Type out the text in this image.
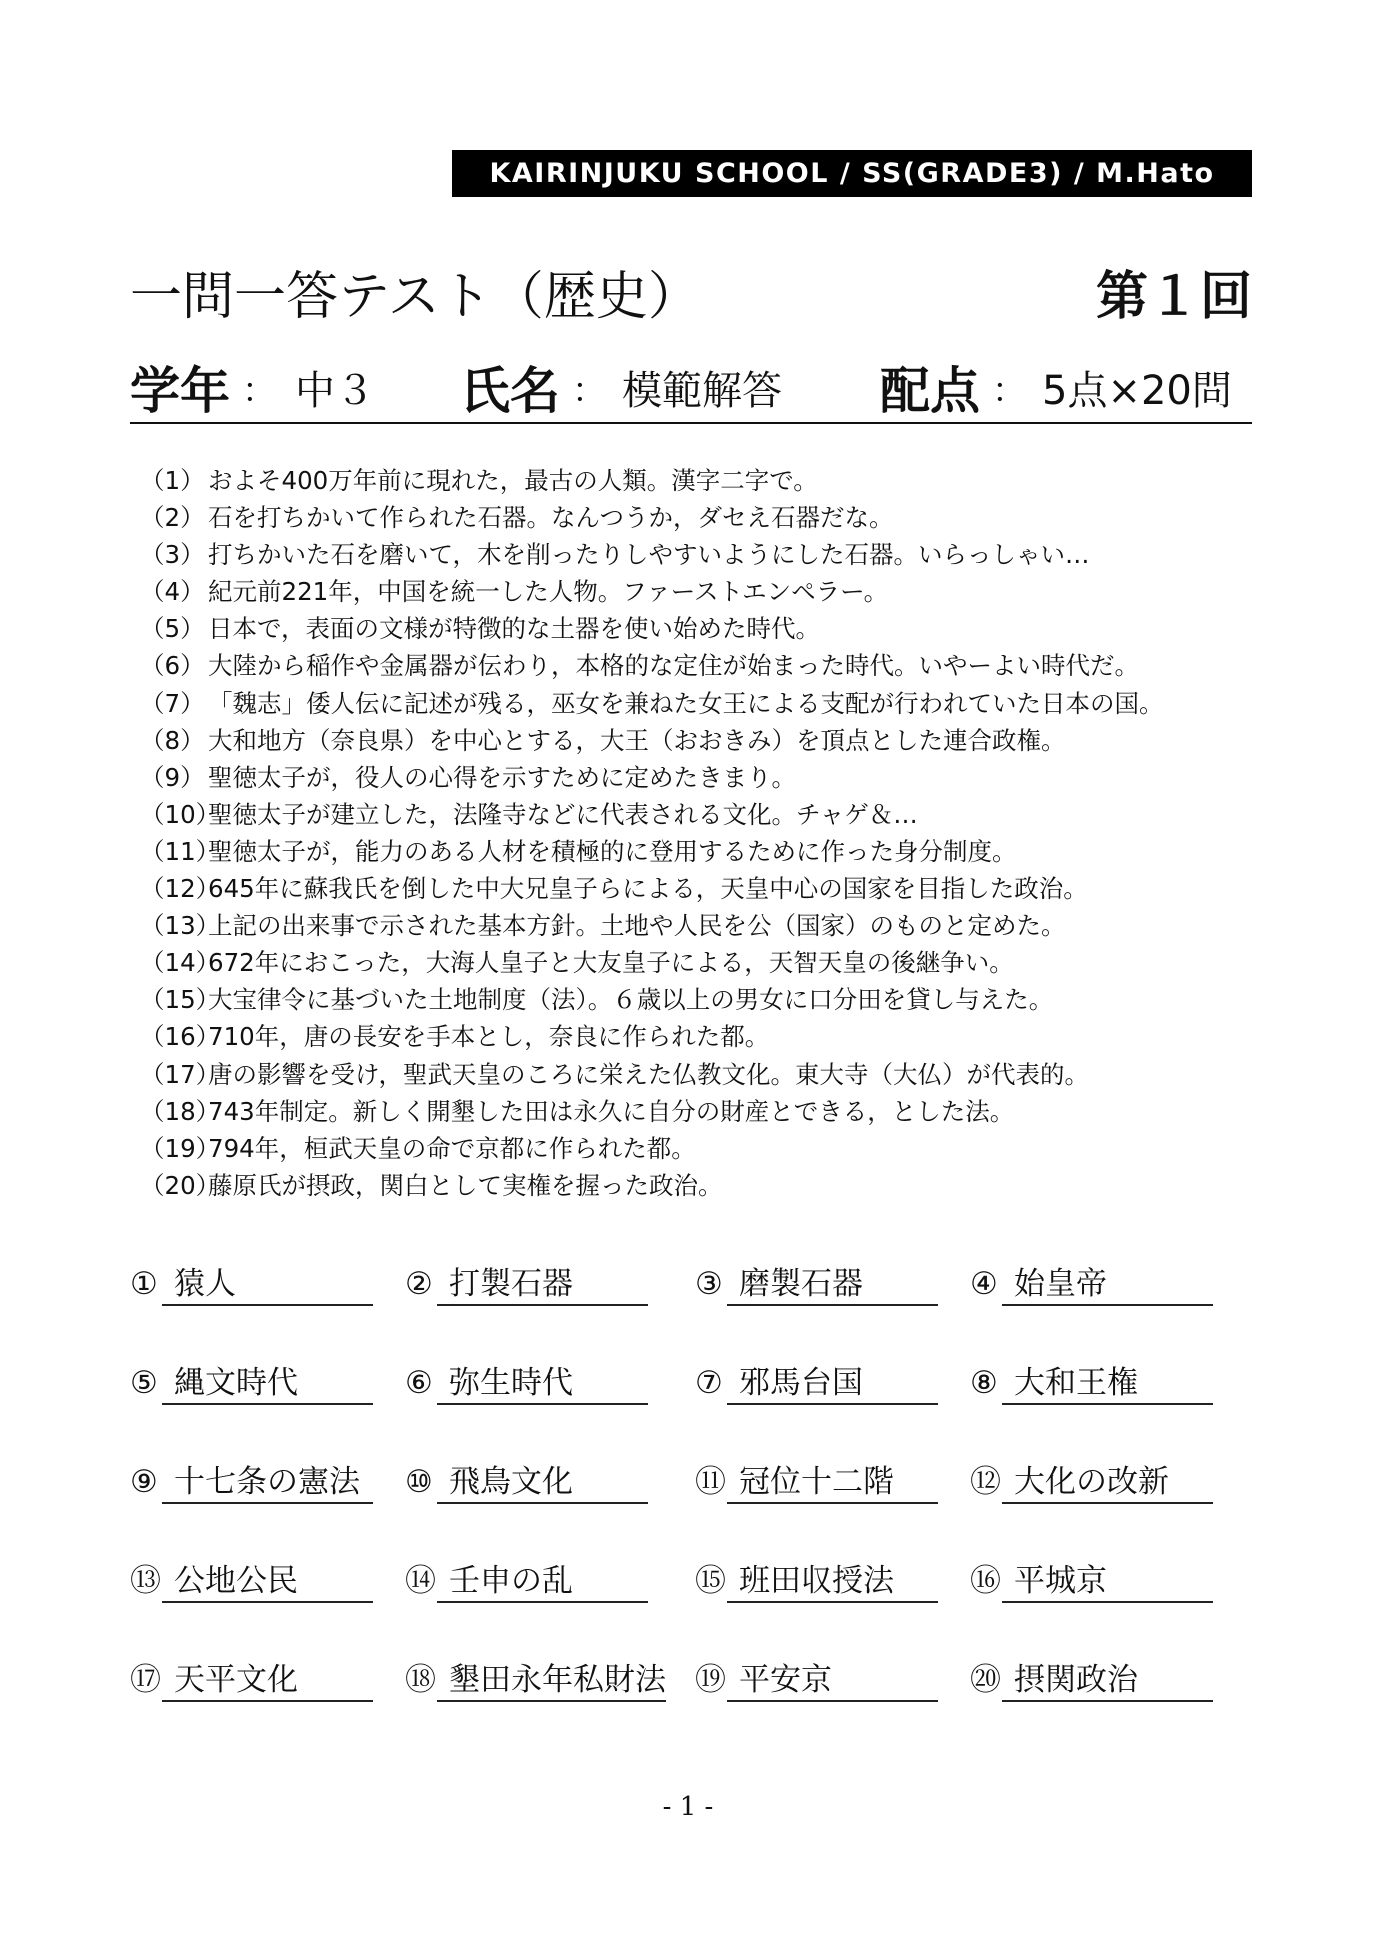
KAIRINJUKU SCHOOL / SS(GRADE3) / M.Hato
一問一答テスト（歴史）	第１回
学年 ： 中３ 氏名 ： 模範解答 配点 ： 5点×20問
（1） およそ400万年前に現れた，最古の人類。漢字二字で。
（2） 石を打ちかいて作られた石器。なんつうか，ダセえ石器だな。
（3） 打ちかいた石を磨いて，木を削ったりしやすいようにした石器。いらっしゃい…
（4） 紀元前221年，中国を統一した人物。ファーストエンペラー。
（5） 日本で，表面の文様が特徴的な土器を使い始めた時代。
（6） 大陸から稲作や金属器が伝わり，本格的な定住が始まった時代。いやーよい時代だ。
（7） 「魏志」倭人伝に記述が残る，巫女を兼ねた女王による支配が行われていた日本の国。
（8） 大和地方（奈良県）を中心とする，大王（おおきみ）を頂点とした連合政権。
（9） 聖徳太子が，役人の心得を示すために定めたきまり。
（10）聖徳太子が建立した，法隆寺などに代表される文化。チャゲ＆…
（11）聖徳太子が，能力のある人材を積極的に登用するために作った身分制度。
（12）645年に蘇我氏を倒した中大兄皇子らによる，天皇中心の国家を目指した政治。
（13）上記の出来事で示された基本方針。土地や人民を公（国家）のものと定めた。
（14）672年におこった，大海人皇子と大友皇子による，天智天皇の後継争い。
（15）大宝律令に基づいた土地制度（法）。６歳以上の男女に口分田を貸し与えた。
（16）710年，唐の長安を手本とし，奈良に作られた都。
（17）唐の影響を受け，聖武天皇のころに栄えた仏教文化。東大寺（大仏）が代表的。
（18）743年制定。新しく開墾した田は永久に自分の財産とできる，とした法。
（19）794年，桓武天皇の命で京都に作られた都。
（20）藤原氏が摂政，関白として実権を握った政治。
① 猿人	② 打製石器	③ 磨製石器	④ 始皇帝
⑤ 縄文時代	⑥ 弥生時代	⑦ 邪馬台国	⑧ 大和王権
⑨ 十七条の憲法 ⑩ 飛鳥文化	⑪ 冠位十二階 ⑫ 大化の改新
⑬ 公地公民	⑭ 壬申の乱	⑮ 班田収授法 ⑯ 平城京
⑰ 天平文化	⑱ 墾田永年私財法 ⑲ 平安京	⑳ 摂関政治
- 1 -
